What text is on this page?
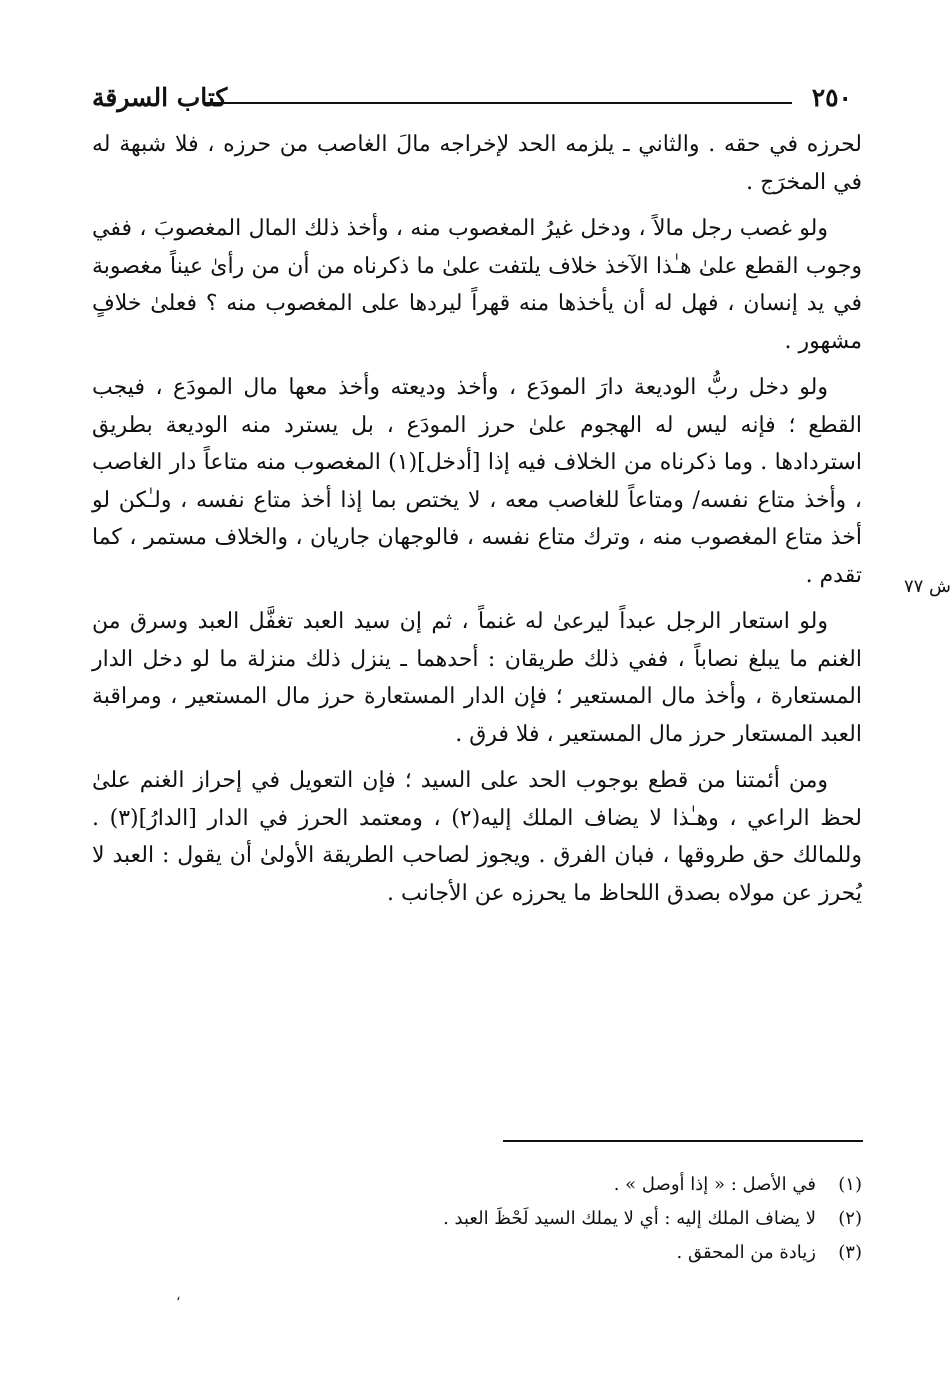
٢٥٠
كتاب السرقة

لحرزه في حقه . والثاني ـ يلزمه الحد لإخراجه مالَ الغاصب من حرزه ، فلا شبهة له في المخرَج .

ولو غصب رجل مالاً ، ودخل غيرُ المغصوب منه ، وأخذ ذلك المال المغصوبَ ، ففي وجوب القطع علىٰ هـٰذا الآخذ خلاف يلتفت علىٰ ما ذكرناه من أن من رأىٰ عيناً مغصوبة في يد إنسان ، فهل له أن يأخذها منه قهراً ليردها على المغصوب منه ؟ فعلىٰ خلافٍ مشهور .

ولو دخل ربُّ الوديعة دارَ المودَع ، وأخذ وديعته وأخذ معها مال المودَع ، فيجب القطع ؛ فإنه ليس له الهجوم علىٰ حرز المودَع ، بل يسترد منه الوديعة بطريق استردادها . وما ذكرناه من الخلاف فيه إذا [أدخل](١) المغصوب منه متاعاً دار الغاصب ، وأخذ متاع نفسه/ ومتاعاً للغاصب معه ، لا يختص بما إذا أخذ متاع نفسه ، ولـٰكن لو أخذ متاع المغصوب منه ، وترك متاع نفسه ، فالوجهان جاريان ، والخلاف مستمر ، كما تقدم .

ولو استعار الرجل عبداً ليرعىٰ له غنماً ، ثم إن سيد العبد تغفَّل العبد وسرق من الغنم ما يبلغ نصاباً ، ففي ذلك طريقان : أحدهما ـ ينزل ذلك منزلة ما لو دخل الدار المستعارة ، وأخذ مال المستعير ؛ فإن الدار المستعارة حرز مال المستعير ، ومراقبة العبد المستعار حرز مال المستعير ، فلا فرق .

ومن أئمتنا من قطع بوجوب الحد على السيد ؛ فإن التعويل في إحراز الغنم علىٰ لحظ الراعي ، وهـٰذا لا يضاف الملك إليه(٢) ، ومعتمد الحرز في الدار [الدارُ](٣) . وللمالك حق طروقها ، فبان الفرق . ويجوز لصاحب الطريقة الأولىٰ أن يقول : العبد لا يُحرز عن مولاه بصدق اللحاظ ما يحرزه عن الأجانب .

ش ٧٧

(١)في الأصل : « إذا أوصل » .

(٢)لا يضاف الملك إليه : أي لا يملك السيد لَحْظَ العبد .

(٣)زيادة من المحقق .

،
